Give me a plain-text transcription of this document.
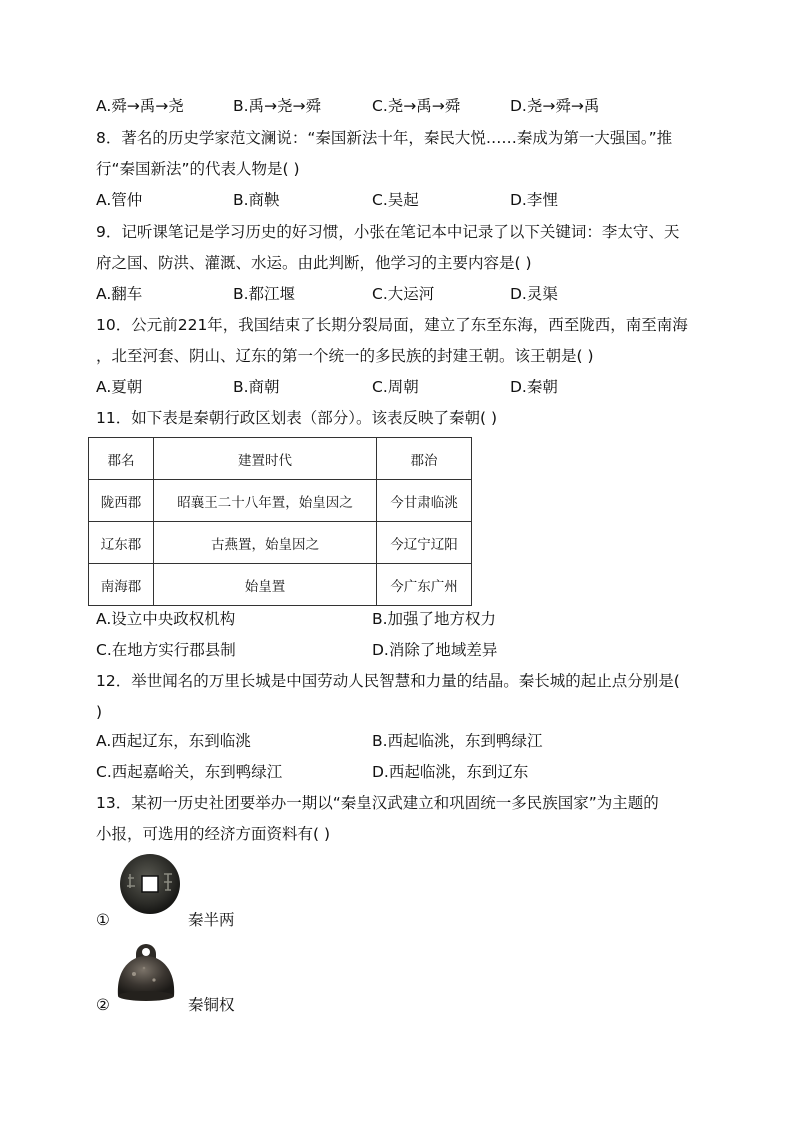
A.舜→禹→尧	B.禹→尧→舜	C.尧→禹→舜	D.尧→舜→禹
8．著名的历史学家范文澜说：“秦国新法十年，秦民大悦……秦成为第一大强国。”推
行“秦国新法”的代表人物是( )
A.管仲	B.商鞅	C.吴起	D.李悝
9．记听课笔记是学习历史的好习惯，小张在笔记本中记录了以下关键词：李太守、天
府之国、防洪、灌溉、水运。由此判断，他学习的主要内容是( )
A.翻车	B.都江堰	C.大运河	D.灵渠
10．公元前221年，我国结束了长期分裂局面，建立了东至东海，西至陇西，南至南海
，北至河套、阴山、辽东的第一个统一的多民族的封建王朝。该王朝是( )
A.夏朝	B.商朝	C.周朝	D.秦朝
11．如下表是秦朝行政区划表（部分）。该表反映了秦朝( )
郡名	建置时代	郡治
陇西郡	昭襄王二十八年置，始皇因之	今甘肃临洮
辽东郡	古燕置，始皇因之	今辽宁辽阳
南海郡	始皇置	今广东广州
A.设立中央政权机构	B.加强了地方权力
C.在地方实行郡县制	D.消除了地域差异
12．举世闻名的万里长城是中国劳动人民智慧和力量的结晶。秦长城的起止点分别是(
)
A.西起辽东，东到临洮	B.西起临洮，东到鸭绿江
C.西起嘉峪关，东到鸭绿江	D.西起临洮，东到辽东
13．某初一历史社团要举办一期以“秦皇汉武建立和巩固统一多民族国家”为主题的
小报，可选用的经济方面资料有( )
①	秦半两
②	秦铜权
